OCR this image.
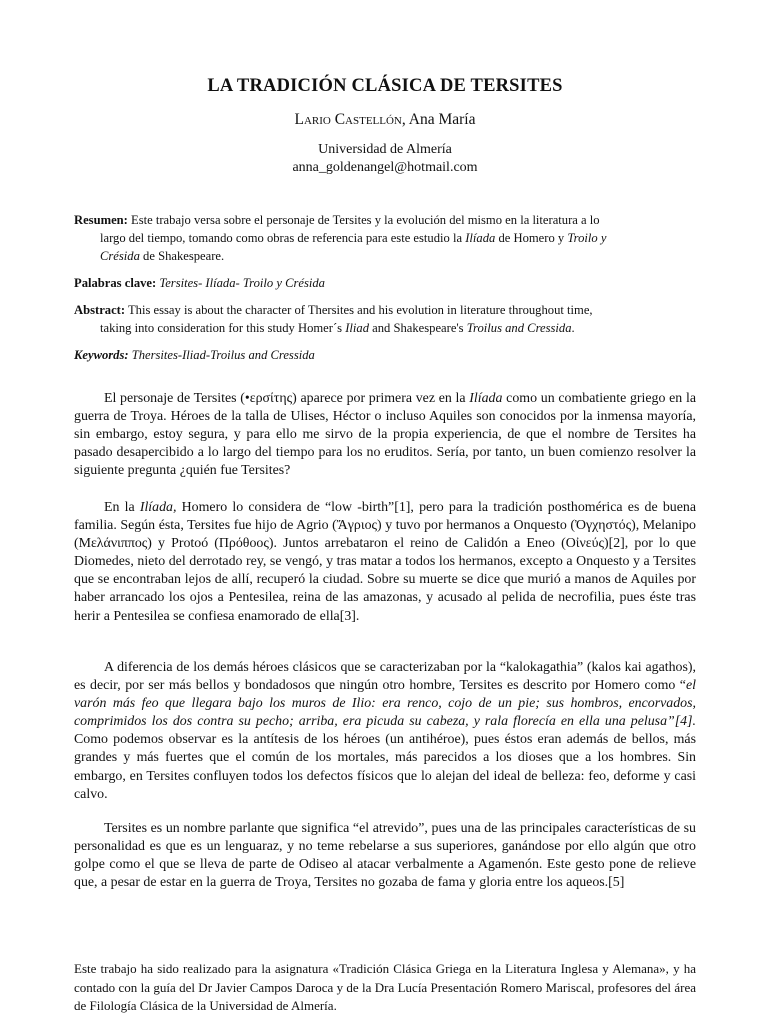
LA TRADICIÓN CLÁSICA DE TERSITES
Lario Castellón, Ana María
Universidad de Almería
anna_goldenangel@hotmail.com
Resumen: Este trabajo versa sobre el personaje de Tersites y la evolución del mismo en la literatura a lo
largo del tiempo, tomando como obras de referencia para este estudio la Ilíada de Homero y Troilo y
Crésida de Shakespeare.
Palabras clave: Tersites- Ilíada- Troilo y Crésida
Abstract: This essay is about the character of Thersites and his evolution in literature throughout time,
taking into consideration for this study Homer´s Iliad and Shakespeare's Troilus and Cressida.
Keywords: Thersites-Iliad-Troilus and Cressida
El personaje de Tersites (•ερσίτης) aparece por primera vez en la Ilíada como un combatiente griego en la guerra de Troya. Héroes de la talla de Ulises, Héctor o incluso Aquiles son conocidos por la inmensa mayoría, sin embargo, estoy segura, y para ello me sirvo de la propia experiencia, de que el nombre de Tersites ha pasado desapercibido a lo largo del tiempo para los no eruditos. Sería, por tanto, un buen comienzo resolver la siguiente pregunta ¿quién fue Tersites?
En la Ilíada, Homero lo considera de “low -birth”[1], pero para la tradición posthomérica es de buena familia. Según ésta, Tersites fue hijo de Agrio (Ἄγριος) y tuvo por hermanos a Onquesto (Ὀγχηστός), Melanipo (Μελάνιππος) y Protoó (Πρόθοος). Juntos arrebataron el reino de Calidón a Eneo (Οἰνεύς)[2], por lo que Diomedes, nieto del derrotado rey, se vengó, y tras matar a todos los hermanos, excepto a Onquesto y a Tersites que se encontraban lejos de allí, recuperó la ciudad. Sobre su muerte se dice que murió a manos de Aquiles por haber arrancado los ojos a Pentesilea, reina de las amazonas, y acusado al pelida de necrofilia, pues éste tras herir a Pentesilea se confiesa enamorado de ella[3].
A diferencia de los demás héroes clásicos que se caracterizaban por la “kalokagathia” (kalos kai agathos), es decir, por ser más bellos y bondadosos que ningún otro hombre, Tersites es descrito por Homero como “el varón más feo que llegara bajo los muros de Ilio: era renco, cojo de un pie; sus hombros, encorvados, comprimidos los dos contra su pecho; arriba, era picuda su cabeza, y rala florecía en ella una pelusa”[4]. Como podemos observar es la antítesis de los héroes (un antihéroe), pues éstos eran además de bellos, más grandes y más fuertes que el común de los mortales, más parecidos a los dioses que a los hombres. Sin embargo, en Tersites confluyen todos los defectos físicos que lo alejan del ideal de belleza: feo, deforme y casi calvo.
Tersites es un nombre parlante que significa “el atrevido”, pues una de las principales características de su personalidad es que es un lenguaraz, y no teme rebelarse a sus superiores, ganándose por ello algún que otro golpe como el que se lleva de parte de Odiseo al atacar verbalmente a Agamenón. Este gesto pone de relieve que, a pesar de estar en la guerra de Troya, Tersites no gozaba de fama y gloria entre los aqueos.[5]
Este trabajo ha sido realizado para la asignatura «Tradición Clásica Griega en la Literatura Inglesa y Alemana», y ha contado con la guía del Dr Javier Campos Daroca y de la Dra Lucía Presentación Romero Mariscal, profesores del área de Filología Clásica de la Universidad de Almería.
